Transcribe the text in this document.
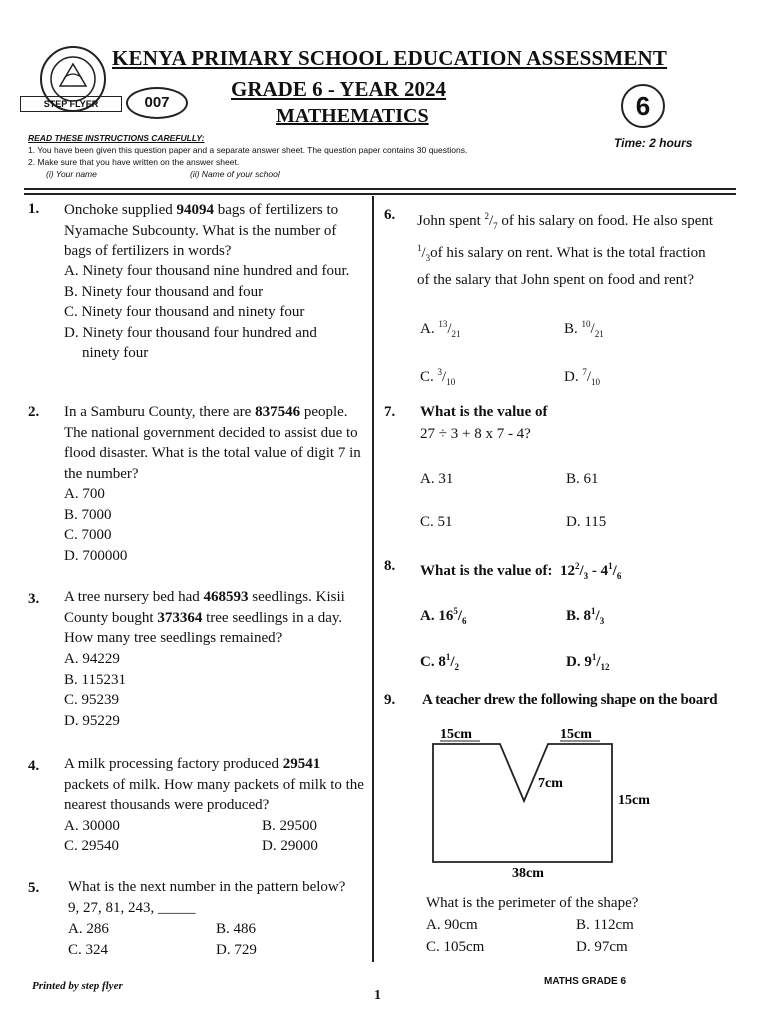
STEP FLYER	007
KENYA PRIMARY SCHOOL EDUCATION ASSESSMENT
GRADE 6 - YEAR 2024
MATHEMATICS	6
Time: 2 hours
READ THESE INSTRUCTIONS CAREFULLY:
1. You have been given this question paper and a separate answer sheet. The question paper contains 30 questions.
2. Make sure that you have written on the answer sheet.
(i) Your name	(ii) Name of your school
1. Onchoke supplied 94094 bags of fertilizers to Nyamache Subcounty. What is the number of bags of fertilizers in words?
A. Ninety four thousand nine hundred and four.
B. Ninety four thousand and four
C. Ninety four thousand and ninety four
D. Ninety four thousand four hundred and ninety four
2. In a Samburu County, there are 837546 people. The national government decided to assist due to flood disaster. What is the total value of digit 7 in the number?
A. 700
B. 7000
C. 7000
D. 700000
3. A tree nursery bed had 468593 seedlings. Kisii County bought 373364 tree seedlings in a day. How many tree seedlings remained?
A. 94229
B. 115231
C. 95239
D. 95229
4. A milk processing factory produced 29541 packets of milk. How many packets of milk to the nearest thousands were produced?
A. 30000	B. 29500
C. 29540	D. 29000
5. What is the next number in the pattern below?
9, 27, 81, 243, _____
A. 286	B. 486
C. 324	D. 729
6. John spent $^2/_7$ of his salary on food. He also spent $^1/_3of$ his salary on rent. What is the total fraction of the salary that John spent on food and rent?
A. $^{13}/_{21}$	B. $^{10}/_{21}$
C. $^3/_{10}$	D. $^7/_{10}$
7. What is the value of
27 ÷ 3 + 8 x 7 - 4?
A. 31	B. 61
C. 51	D. 115
8. What is the value of: $12^2/_3 - 4^1/_6$
A. $16^5/_6$	B. $8^1/_3$
C. $8^1/_2$	D. $9^1/_{12}$
9. A teacher drew the following shape on the board
15cm	15cm
7cm
15cm
38cm
What is the perimeter of the shape?
A. 90cm	B. 112cm
C. 105cm	D. 97cm
Printed by step flyer
1
MATHS GRADE 6
